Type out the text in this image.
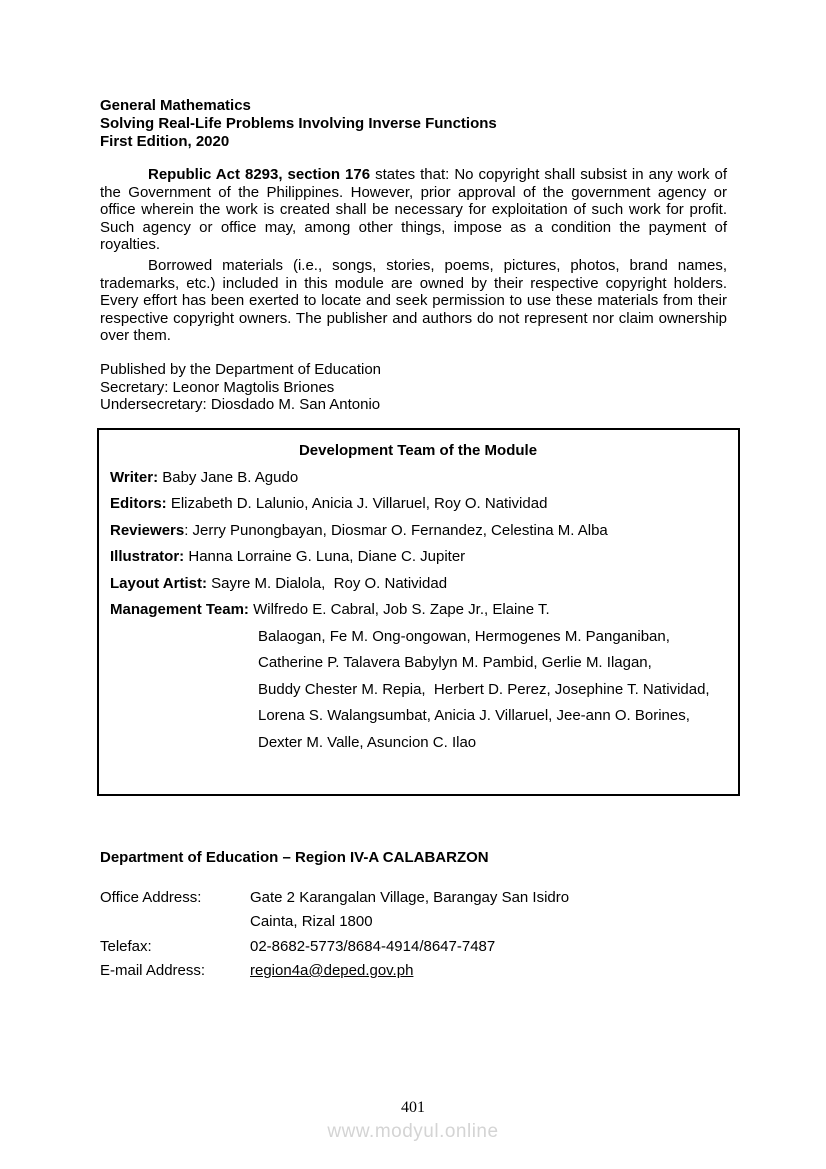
General Mathematics
Solving Real-Life Problems Involving Inverse Functions
First Edition, 2020

Republic Act 8293, section 176 states that: No copyright shall subsist in any work of the Government of the Philippines. However, prior approval of the government agency or office wherein the work is created shall be necessary for exploitation of such work for profit. Such agency or office may, among other things, impose as a condition the payment of royalties.

Borrowed materials (i.e., songs, stories, poems, pictures, photos, brand names, trademarks, etc.) included in this module are owned by their respective copyright holders. Every effort has been exerted to locate and seek permission to use these materials from their respective copyright owners. The publisher and authors do not represent nor claim ownership over them.

Published by the Department of Education
Secretary: Leonor Magtolis Briones
Undersecretary: Diosdado M. San Antonio
Development Team of the Module
Writer: Baby Jane B. Agudo
Editors: Elizabeth D. Lalunio, Anicia J. Villaruel, Roy O. Natividad
Reviewers: Jerry Punongbayan, Diosmar O. Fernandez, Celestina M. Alba
Illustrator: Hanna Lorraine G. Luna, Diane C. Jupiter
Layout Artist: Sayre M. Dialola,  Roy O. Natividad
Management Team: Wilfredo E. Cabral, Job S. Zape Jr., Elaine T.
Balaogan, Fe M. Ong-ongowan, Hermogenes M. Panganiban,
Catherine P. Talavera Babylyn M. Pambid, Gerlie M. Ilagan,
Buddy Chester M. Repia,  Herbert D. Perez, Josephine T. Natividad,
Lorena S. Walangsumbat, Anicia J. Villaruel, Jee-ann O. Borines,
Dexter M. Valle, Asuncion C. Ilao
Department of Education – Region IV-A CALABARZON
Office Address:	Gate 2 Karangalan Village, Barangay San Isidro
Cainta, Rizal 1800
Telefax:	02-8682-5773/8684-4914/8647-7487
E-mail Address:	region4a@deped.gov.ph
401
www.modyul.online
